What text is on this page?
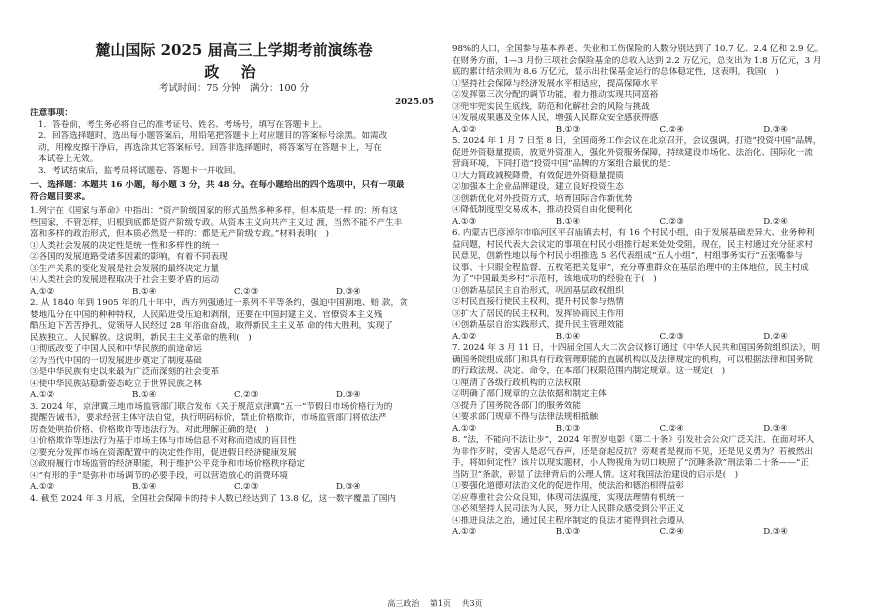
麓山国际 2025 届高三上学期考前演练卷

政 治

考试时间：75 分钟　满分：100 分

2025.05

注意事项：

1．答卷前，考生务必将自己的准考证号、姓名、考场号，填写在答题卡上。

2．回答选择题时，选出每小题答案后，用铅笔把答题卡上对应题目的答案标号涂黑。如需改

动，用橡皮擦干净后，再选涂其它答案标号。回答非选择题时，将答案写在答题卡上，写在

本试卷上无效。

3．考试结束后，监考员将试题卷、答题卡一并收回。

一、选择题：本题共 16 小题，每小题 3 分，共 48 分。在每小题给出的四个选项中，只有一项最

符合题目要求。

1.列宁在《国家与革命》中指出：“资产阶级国家的形式虽然多种多样，但本质是一样 的：所有这

些国家，不管怎样，归根到底都是资产阶级专政。从资本主义向共产主义过 渡，当然不能不产生丰

富和多样的政治形式，但本质必然是一样的：都是无产阶级专政。”材料表明(　)

①人类社会发展的决定性是统一性和多样性的统一

②各国的发展道路受诸多因素的影响，有着不同表现

③生产关系的变化发展是社会发展的最终决定力量

④人类社会的发展进程取决于社会主要矛盾的运动

A.①②	B.①④	C.②③	D.③④

2. 从 1840 年到 1905 年的几十年中，西方列强通过一系列不平等条约，强迫中国割地、赔 款，贪

婪地瓜分在中国的种种特权，人民陷进受压迫和剥削，还要在中国封建主义、官僚资本主义残

酷压迫下苦苦挣扎，觉领导人民经过 28 年浴血奋战，取得新民主主义革 命的伟大胜利，实现了

民族独立、人民解放。这说明，新民主主义革命的胜利(　)

①彻底改变了中国人民和中华民族的前途命运

②为当代中国的一切发展进步奠定了制度基础

③是中华民族有史以来最为广泛而深刻的社会变革

④使中华民族站稳新姿态屹立于世界民族之林

A.①②	B.①④	C.②③	D.③④

3. 2024 年，京津冀三地市场监管部门联合发布《关于规范京津冀“五一”节假日市场价格行为的

提醒告诫书》，要求经营主体守法自觉，执行明码标价，禁止价格欺诈，市场监管部门将依法严

厉查处哄抬价格、价格欺诈等违法行为。对此理解正确的是(　)

①价格欺诈等违法行为基于市场主体与市场信息不对称而造成的盲目性

②要充分发挥市场在资源配置中的决定性作用，促进假日经济健康发展

③政府履行市场监管的经济职能，利于维护公平竞争和市场价格秩序稳定

④“有形的手”是弥补市场调节的必要手段，可以营造放心的消费环境

A.①②	B.①④	C.②③	D.③④

4. 截至 2024 年 3 月底，全国社会保障卡的持卡人数已经达到了 13.8 亿，这一数字覆盖了国内

98%的人口，全国参与基本养老、失业和工伤保险的人数分别达到了 10.7 亿、2.4 亿和 2.9 亿。

在财务方面，1—3 月份三项社会保险基金的总收入达到 2.2 万亿元，总支出为 1.8 万亿元，3 月

底的累计结余则为 8.6 万亿元，显示出社保基金运行的总体稳定性，这表明，我国(　)

①坚持社会保障与经济发展水平相适应，提高保障水平

②发挥第三次分配的调节功能，着力推动实现共同富裕

③兜牢兜实民生底线，防范和化解社会的风险与挑战

④发展成果惠及全体人民，增强人民群众安全感获得感

A.①②	B.①③	C.②④	D.③④

5. 2024 年 1 月 7 日至 8 日，全国商务工作会议在北京召开，会议强调，打造“投资中国”品牌，

促进外资稳量提质，放宽外资准入，强化外资服务保障，持续建设市场化、法治化、国际化一流

营商环境，下同打造“投资中国”品牌的方案组合最优的是：

①大力简政减税降费，有效促进外资稳量提质

②加强本土企业品牌建设，建立良好投资生态

③创新优化对外投资方式，培育国际合作新优势

④降低制度型交易成本，推动投资自由化便利化

A.①③	B.①④	C.②③	D.②④

6. 内蒙古巴彦淖尔市临河区平召庙镇去村，有 16 个村民小组，由于发展基础差异大、业务种利

益问题，村民代表大会议定的事项在村民小组推行起来处处受阻，现在，民主村通过充分征求村

民意见，创新性地以每个村民小组推选 5 名代表组成“五人小组”，村组事务实行“五张嘴参与

议事、十只眼全程监督、五枚笔把关复审”，充分尊重群众在基层治理中的主体地位，民主村成

为了“中国最美乡村”示范村，该地成功的经验在于(　)

①创新基层民主自治形式，巩固基层政权组织

②村民直接行使民主权利，提升村民参与热情

③扩大了居民的民主权利，发挥协商民主作用

④创新基层自治实践形式，提升民主管理效能

A.①②	B.①④	C.②③	D.②④

7. 2024 年 3 月 11 日，十四届全国人大二次会议修订通过《中华人民共和国国务院组织法》，明

确国务院组成部门和具有行政管理职能的直属机构以及法律规定的机构，可以根据法律和国务院

的行政法规、决定、命令，在本部门权限范围内制定规章。这一规定(　)

①厘清了各级行政机构的立法权限

②明确了部门规章的立法依据和制定主体

③提升了国务院各部门的服务效能

④要求部门规章不得与法律法规相抵触

A.①②	B.①③	C.②④	D.③④

8. “法，不能向不法让步”，2024 年贺岁电影《第二十条》引发社会公众广泛关注，在面对坏人

为非作歹时，受害人是忍气吞声，还是奋起反抗？旁观者是视而不见，还是见义勇为？若被然出

手，将如何定性？该片以现实题材，小人物视角为切口映照了“沉睡条款”刑法第二十条——“正

当防卫”条款，彰显了法律背后的公理人情。这对我国法治建设的启示是(　)

①要强化道德对法治文化的促进作用，使法治和德治相得益彰

②应尊重社会公众良知，体现司法温度，实现法理情有机统一

③必须坚持人民司法为人民，努力让人民群众感受到公平正义

④推进良法之治，通过民主程序制定的良法才能得到社会遵从

A.①②	B.①③	C.②④	D.③④
高三政治 第1页 共3页
